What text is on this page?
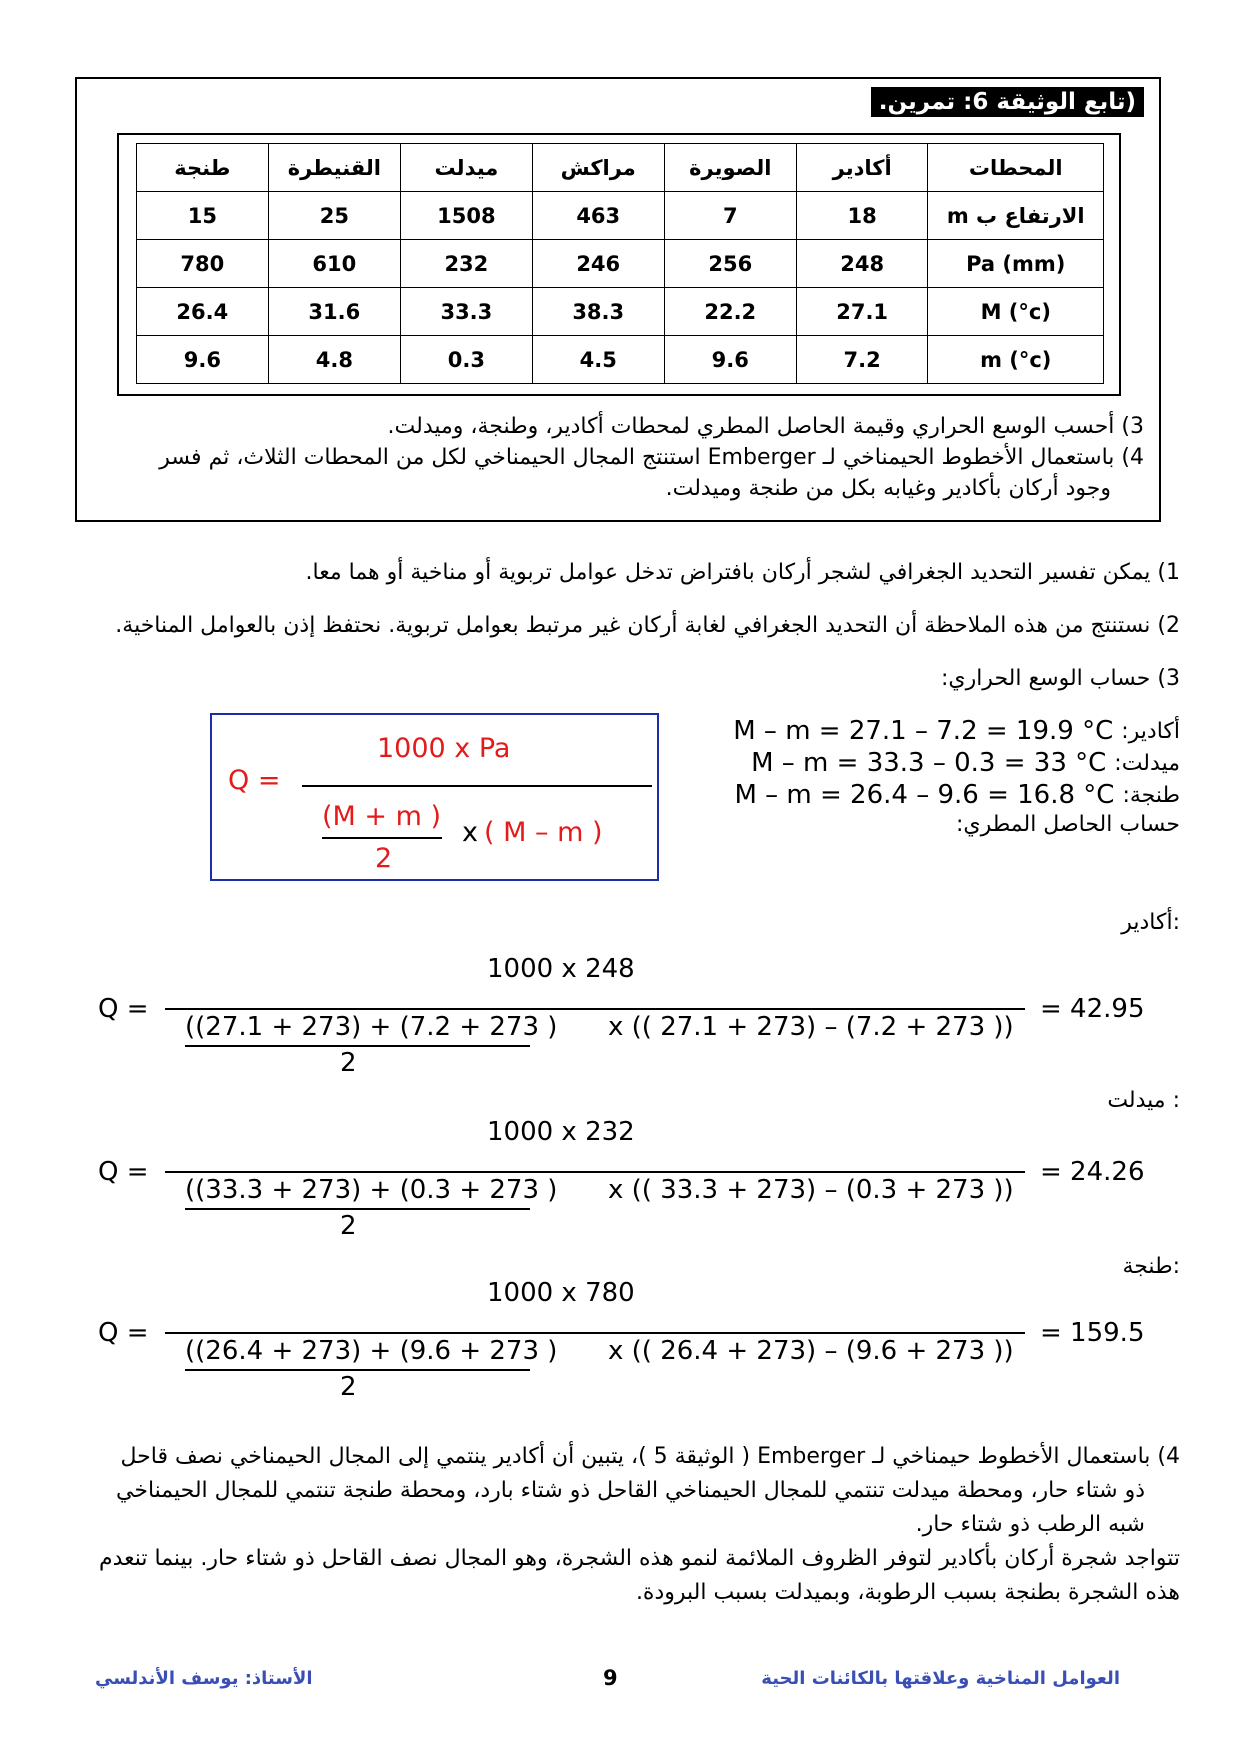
(تابع الوثيقة 6: تمرين.
المحطات	أكادير	الصويرة	مراكش	ميدلت	القنيطرة	طنجة
الارتفاع ب m	18	7	463	1508	25	15
Pa (mm)	248	256	246	232	610	780
M (°c)	27.1	22.2	38.3	33.3	31.6	26.4
m (°c)	7.2	9.6	4.5	0.3	4.8	9.6
3) أحسب الوسع الحراري وقيمة الحاصل المطري لمحطات أكادير، وطنجة، وميدلت.
4) باستعمال الأخطوط الحيمناخي لـ Emberger استنتج المجال الحيمناخي لكل من المحطات الثلاث، ثم فسر
وجود أركان بأكادير وغيابه بكل من طنجة وميدلت.
1) يمكن تفسير التحديد الجغرافي لشجر أركان بافتراض تدخل عوامل تربوية أو مناخية أو هما معا.
2) نستنتج من هذه الملاحظة أن التحديد الجغرافي لغابة أركان غير مرتبط بعوامل تربوية. نحتفظ إذن بالعوامل المناخية.
3) حساب الوسع الحراري:
أكادير:
M – m = 27.1 – 7.2 = 19.9 °C
ميدلت:
M – m = 33.3 – 0.3 = 33 °C
طنجة:
M – m = 26.4 – 9.6 = 16.8 °C
حساب الحاصل المطري:
Q =
1000 x Pa
(M + m )
x ( M – m )
2
:أكادير
1000 x 248
Q =	= 42.95
((27.1 + 273) + (7.2 + 273 ) x (( 27.1 + 273) – (7.2 + 273 ))
2
: ميدلت
1000 x 232
Q =	= 24.26
((33.3 + 273) + (0.3 + 273 ) x (( 33.3 + 273) – (0.3 + 273 ))
2
:طنجة
1000 x 780
Q =	= 159.5
((26.4 + 273) + (9.6 + 273 ) x (( 26.4 + 273) – (9.6 + 273 ))
2
4) باستعمال الأخطوط حيمناخي لـ Emberger ( الوثيقة 5 )، يتبين أن أكادير ينتمي إلى المجال الحيمناخي نصف قاحل
ذو شتاء حار، ومحطة ميدلت تنتمي للمجال الحيمناخي القاحل ذو شتاء بارد، ومحطة طنجة تنتمي للمجال الحيمناخي
شبه الرطب ذو شتاء حار.
تتواجد شجرة أركان بأكادير لتوفر الظروف الملائمة لنمو هذه الشجرة، وهو المجال نصف القاحل ذو شتاء حار. بينما تنعدم
هذه الشجرة بطنجة بسبب الرطوبة، وبميدلت بسبب البرودة.
الأستاذ: يوسف الأندلسي	9	العوامل المناخية وعلاقتها بالكائنات الحية
